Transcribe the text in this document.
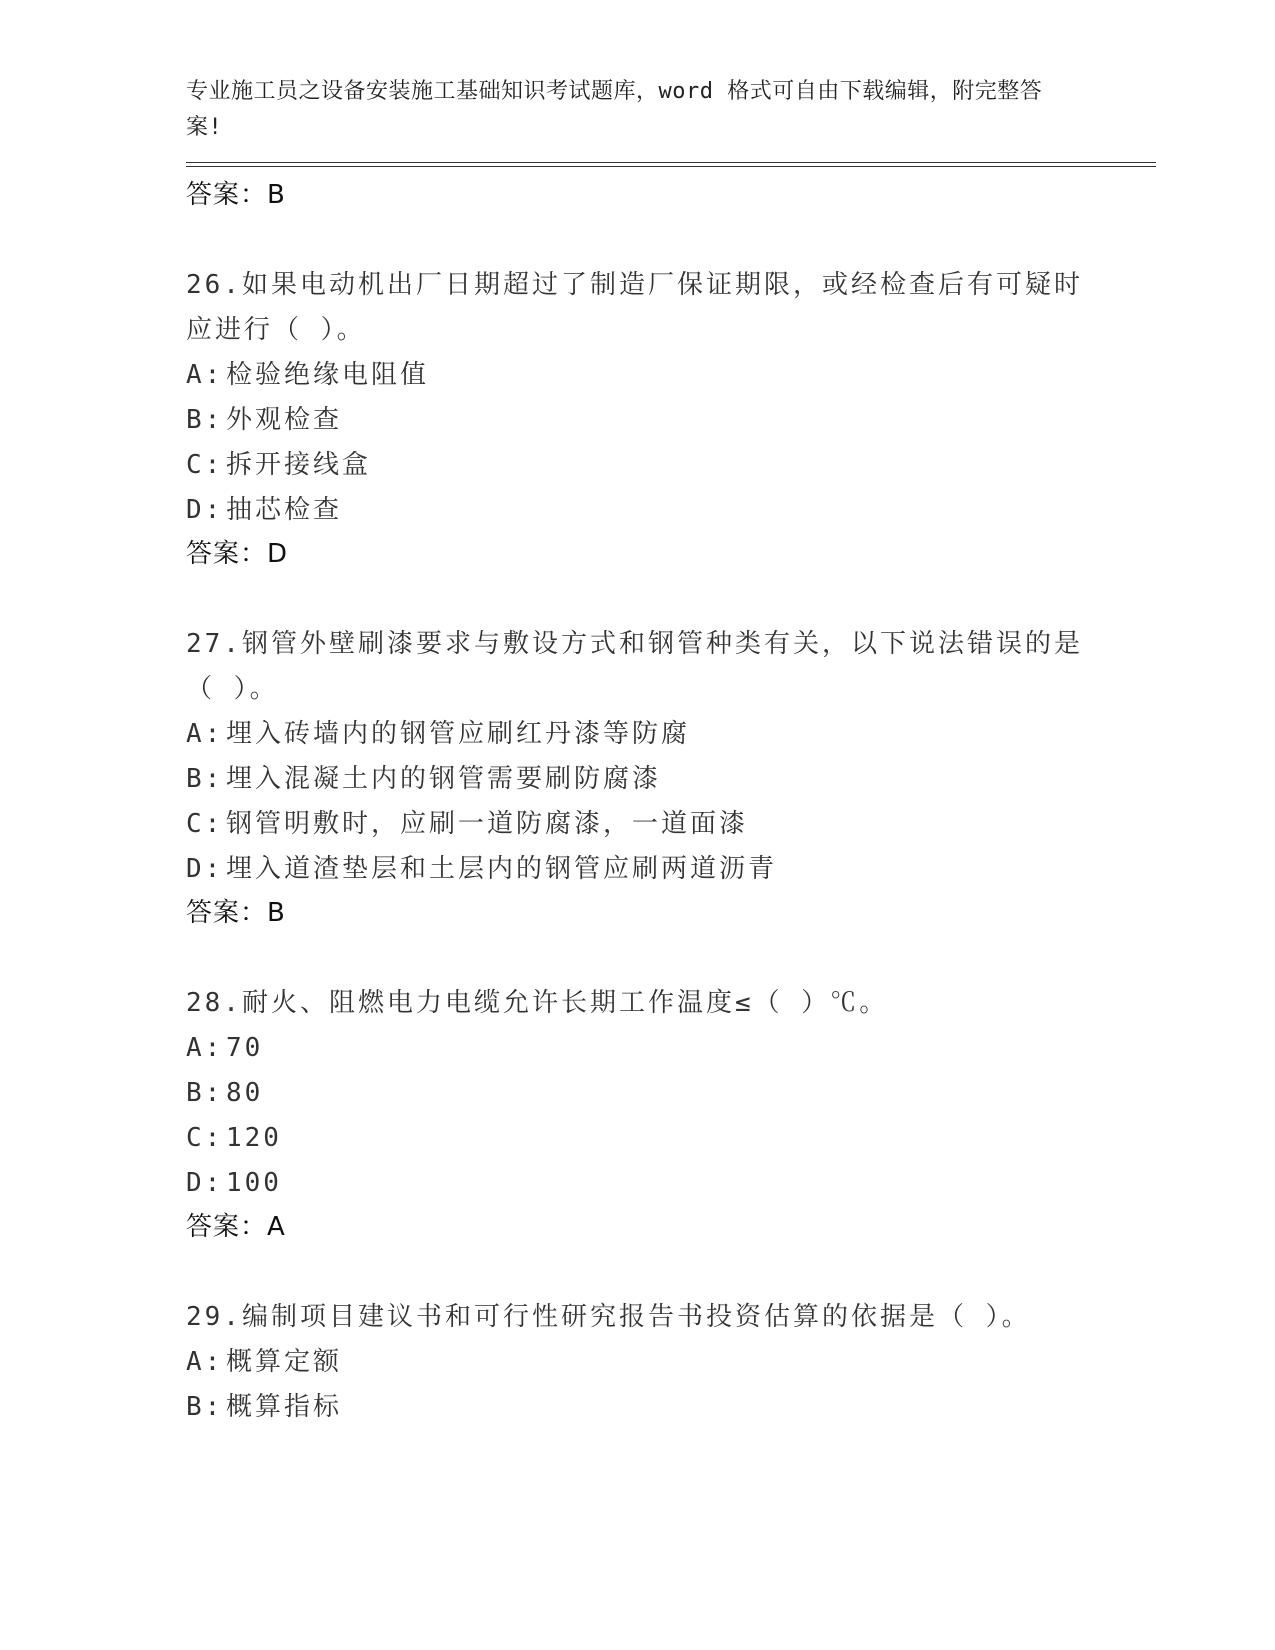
专业施工员之设备安装施工基础知识考试题库，word 格式可自由下载编辑，附完整答案!
答案：B
26.如果电动机出厂日期超过了制造厂保证期限，或经检查后有可疑时应进行（ ）。
A: 检验绝缘电阻值
B: 外观检查
C: 拆开接线盒
D: 抽芯检查
答案：D
27.钢管外壁刷漆要求与敷设方式和钢管种类有关，以下说法错误的是（ ）。
A: 埋入砖墙内的钢管应刷红丹漆等防腐
B: 埋入混凝土内的钢管需要刷防腐漆
C: 钢管明敷时，应刷一道防腐漆，一道面漆
D: 埋入道渣垫层和土层内的钢管应刷两道沥青
答案：B
28.耐火、阻燃电力电缆允许长期工作温度≤（ ）℃。
A: 70
B: 80
C: 120
D: 100
答案：A
29.编制项目建议书和可行性研究报告书投资估算的依据是（ ）。
A: 概算定额
B: 概算指标
